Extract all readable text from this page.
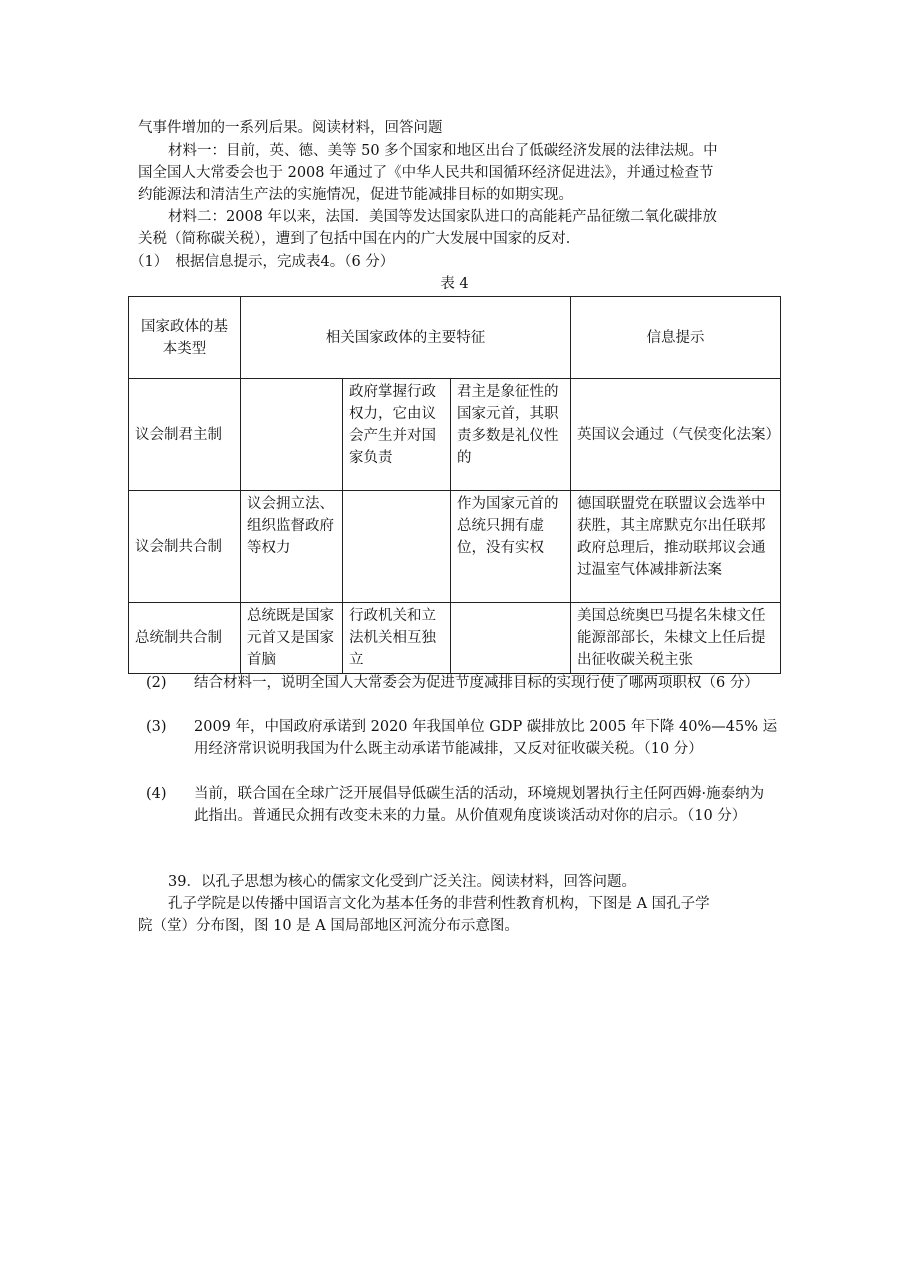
气事件增加的一系列后果。阅读材料，回答问题
材料一：目前，英、德、美等 50 多个国家和地区出台了低碳经济发展的法律法规。中
国全国人大常委会也于 2008 年通过了《中华人民共和国循环经济促进法》，并通过检查节
约能源法和清洁生产法的实施情况，促进节能减排目标的如期实现。
材料二：2008 年以来，法国．美国等发达国家队进口的高能耗产品征缴二氧化碳排放
关税（简称碳关税），遭到了包括中国在内的广大发展中国家的反对．
（1）　根据信息提示，完成表4。（6 分）
表 4
国家政体的基本类型	相关国家政体的主要特征			信息提示
议会制君主制		政府掌握行政权力，它由议会产生并对国家负责	君主是象征性的国家元首，其职责多数是礼仪性的	英国议会通过（气侯变化法案）
议会制共合制	议会拥立法、组织监督政府等权力		作为国家元首的总统只拥有虚位，没有实权	德国联盟党在联盟议会选举中获胜，其主席默克尔出任联邦政府总理后，推动联邦议会通过温室气体减排新法案
总统制共合制	总统既是国家元首又是国家首脑	行政机关和立法机关相互独立		美国总统奥巴马提名朱棣文任能源部部长，朱棣文上任后提出征收碳关税主张
(2) 结合材料一，说明全国人大常委会为促进节度减排目标的实现行使了哪两项职权（6 分）
(3) 2009 年，中国政府承诺到 2020 年我国单位 GDP 碳排放比 2005 年下降 40%—45% 运用经济常识说明我国为什么既主动承诺节能减排，又反对征收碳关税。（10 分）
(4) 当前，联合国在全球广泛开展倡导低碳生活的活动，环境规划署执行主任阿西姆·施泰纳为此指出。普通民众拥有改变未来的力量。从价值观角度谈谈活动对你的启示。（10 分）
39．以孔子思想为核心的儒家文化受到广泛关注。阅读材料，回答问题。
孔子学院是以传播中国语言文化为基本任务的非营利性教育机构，下图是 A 国孔子学
院（堂）分布图，图 10 是 A 国局部地区河流分布示意图。
